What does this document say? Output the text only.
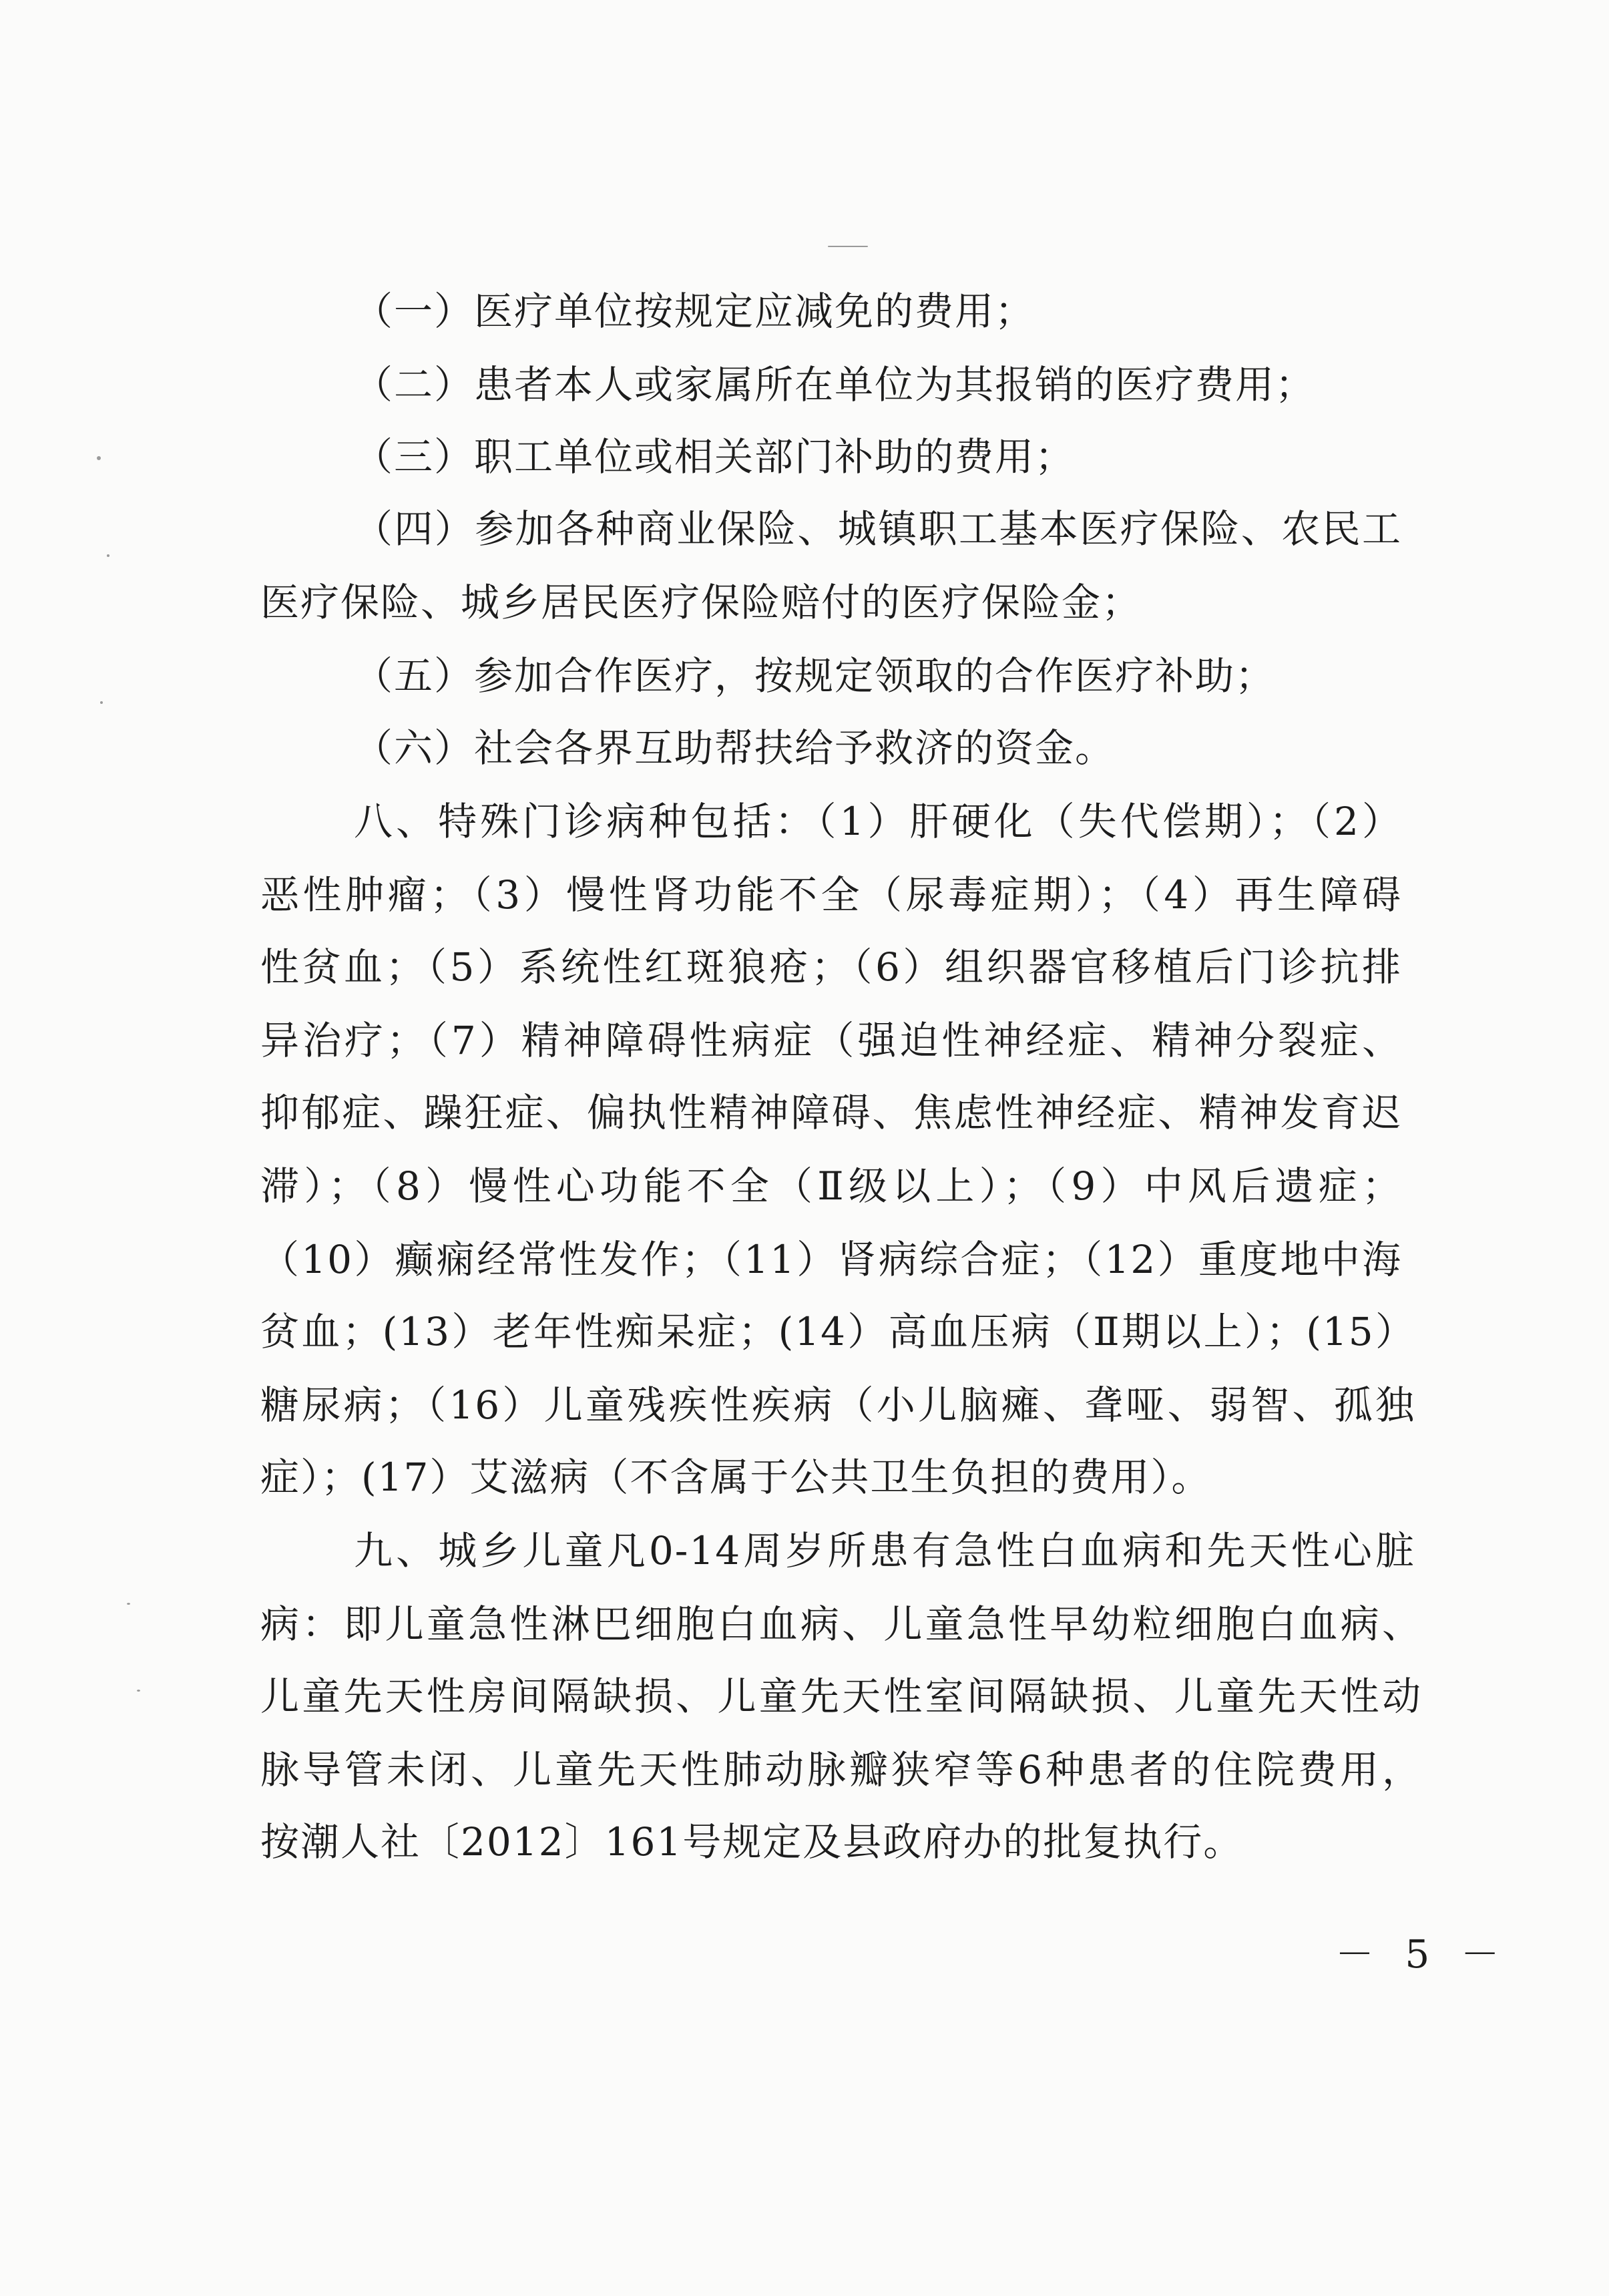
（一）医疗单位按规定应减免的费用；
（二）患者本人或家属所在单位为其报销的医疗费用；
（三）职工单位或相关部门补助的费用；
（四）参加各种商业保险、城镇职工基本医疗保险、农民工
医疗保险、城乡居民医疗保险赔付的医疗保险金；
（五）参加合作医疗，按规定领取的合作医疗补助；
（六）社会各界互助帮扶给予救济的资金。
八、特殊门诊病种包括：（1）肝硬化（失代偿期）；（2）
恶性肿瘤；（3）慢性肾功能不全（尿毒症期）；（4）再生障碍
性贫血；（5）系统性红斑狼疮；（6）组织器官移植后门诊抗排
异治疗；（7）精神障碍性病症（强迫性神经症、精神分裂症、
抑郁症、躁狂症、偏执性精神障碍、焦虑性神经症、精神发育迟
滞）；（8）慢性心功能不全（Ⅱ级以上）；（9）中风后遗症；
（10）癫痫经常性发作；（11）肾病综合症；（12）重度地中海
贫血；(13）老年性痴呆症；(14）高血压病（Ⅱ期以上）；(15）
糖尿病；（16）儿童残疾性疾病（小儿脑瘫、聋哑、弱智、孤独
症）；(17）艾滋病（不含属于公共卫生负担的费用）。
九、城乡儿童凡0-14周岁所患有急性白血病和先天性心脏
病：即儿童急性淋巴细胞白血病、儿童急性早幼粒细胞白血病、
儿童先天性房间隔缺损、儿童先天性室间隔缺损、儿童先天性动
脉导管未闭、儿童先天性肺动脉瓣狭窄等6种患者的住院费用，
按潮人社〔2012〕161号规定及县政府办的批复执行。
－ 5 －
